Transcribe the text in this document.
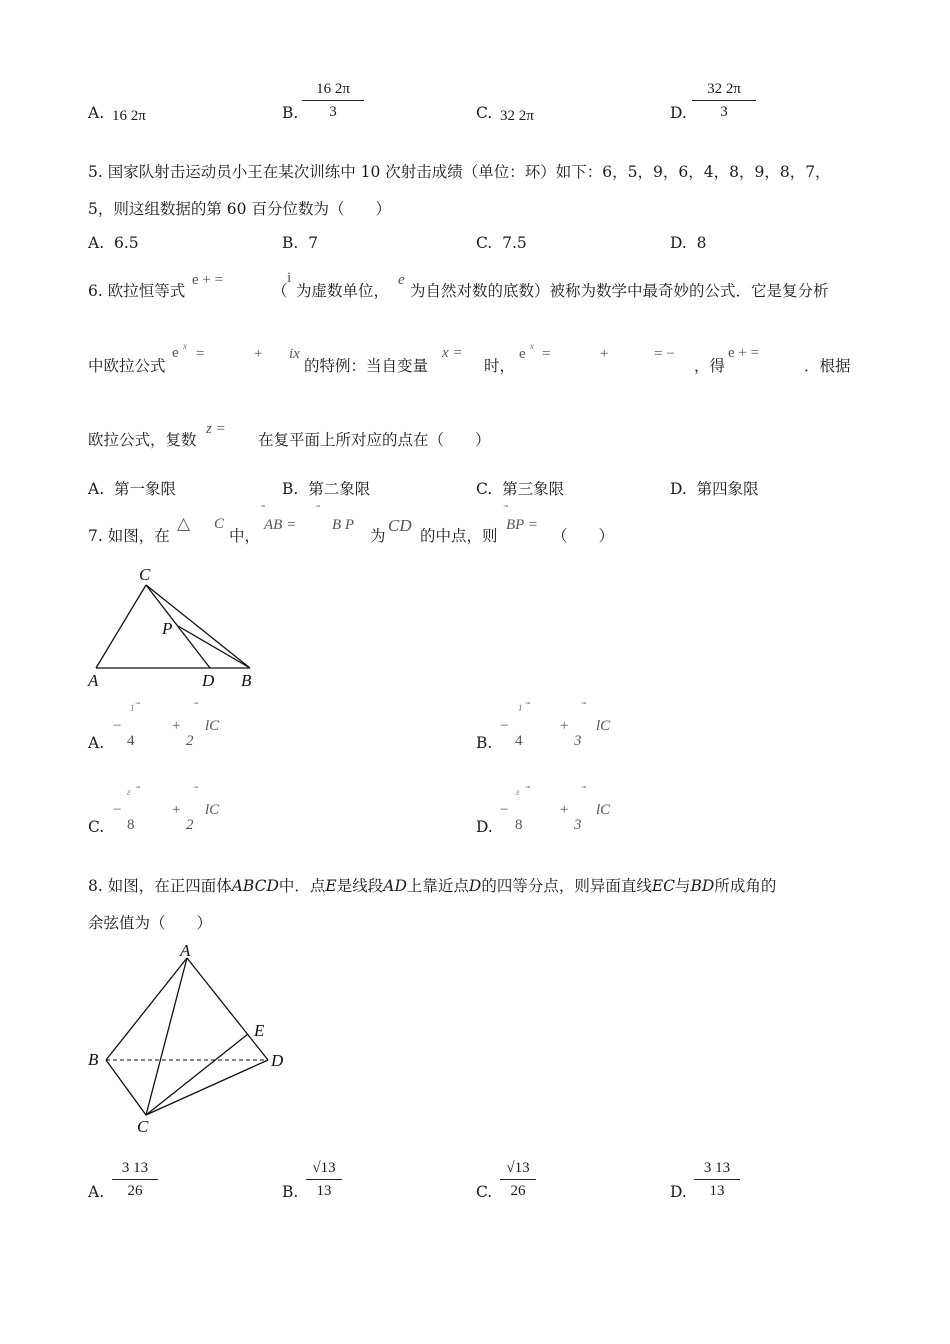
A. 16 2π	B. $\frac{16 2\pi}{3}$	C. 32 2π	D. $\frac{32 2\pi}{3}$
5. 国家队射击运动员小王在某次训练中 10 次射击成绩（单位：环）如下：6，5，9，6，4，8，9，8，7，
5，则这组数据的第 60 百分位数为（　　）
A. 6.5	B. 7	C. 7.5	D. 8
6. 欧拉恒等式
e + =
（
i
为虚数单位，
e
为自然对数的底数）被称为数学中最奇妙的公式．它是复分析
中欧拉公式
e x =	+ ix
的特例：当自变量
x =
时，
e x =	+	= −
，得
e + =
．根据
欧拉公式，复数
z =
在复平面上所对应的点在（　　）
A. 第一象限	B. 第二象限	C. 第三象限	D. 第四象限
7. 如图，在
△ C
中，
AB = B P
为
CD
的中点，则
BP =
（　　）
C
P
A	D B
A.
−
1
4
+
2
lC
B.
−
1
4
+
3
lC
C.
−
ε
8
+
2
lC
D.
−
ε
8
+
3
lC
8. 如图，在正四面体ABCD中．点E是线段AD上靠近点D的四等分点，则异面直线EC与BD所成角的
余弦值为（　　）
A
B
C
D
E
A. $\frac{3 13}{26}$	B. $\frac{√13}{13}$	C. $\frac{√13}{26}$	D. $\frac{3 13}{13}$
